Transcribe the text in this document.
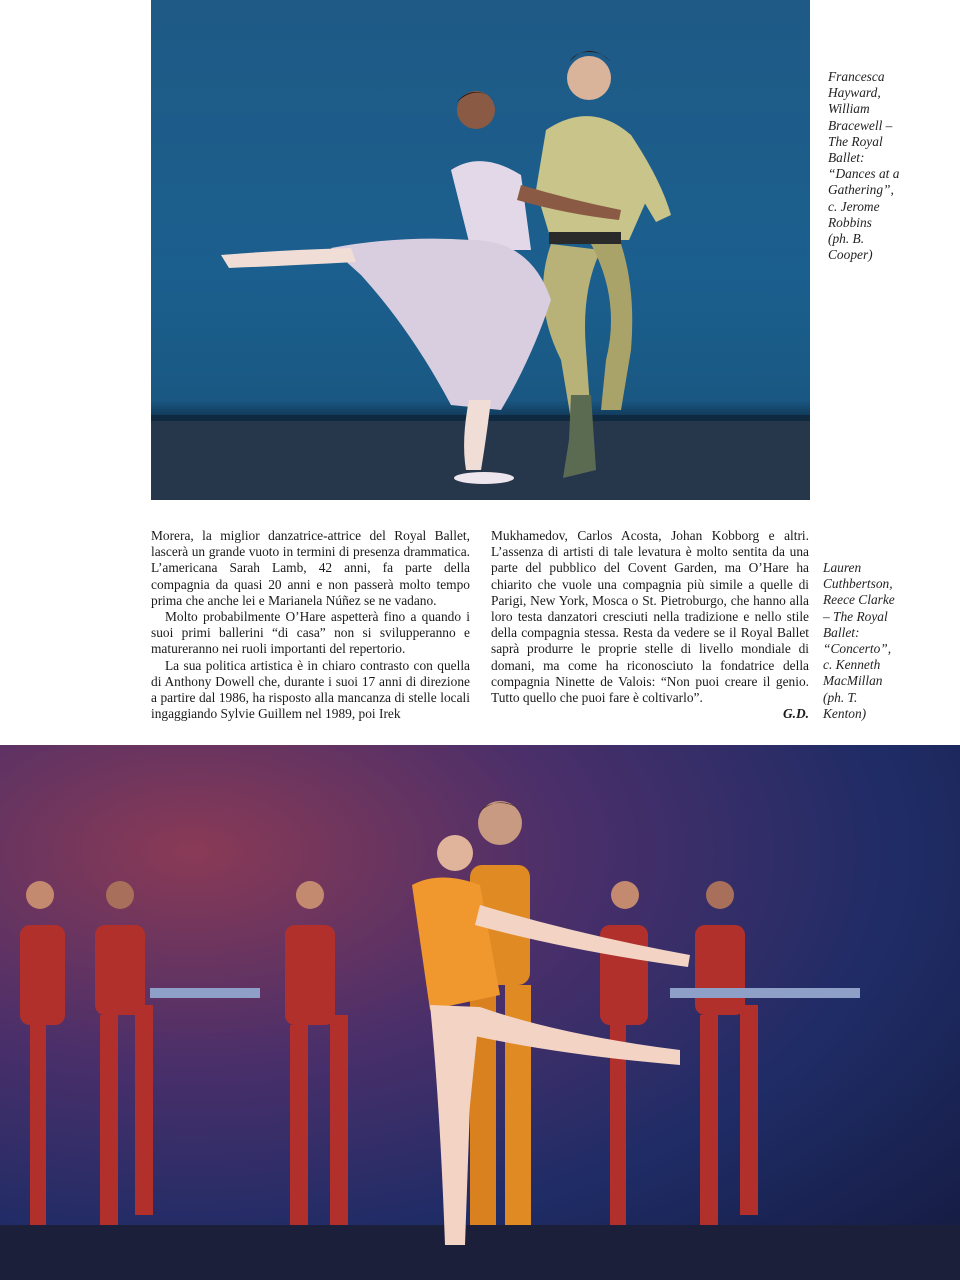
Francesca
Hayward,
William
Bracewell –
The Royal
Ballet:
“Dances at a
Gathering”,
c. Jerome
Robbins
(ph. B.
Cooper)

Morera, la miglior danzatrice-attrice del Royal Ballet, lascerà un grande vuoto in termini di presenza drammatica. L’americana Sarah Lamb, 42 anni, fa parte della compagnia da quasi 20 anni e non passerà molto tempo prima che anche lei e Marianela Núñez se ne vadano.

Molto probabilmente O’Hare aspetterà fino a quando i suoi primi ballerini “di casa” non si svilupperanno e matureranno nei ruoli importanti del repertorio.

La sua politica artistica è in chiaro contrasto con quella di Anthony Dowell che, durante i suoi 17 anni di direzione a partire dal 1986, ha risposto alla mancanza di stelle locali ingaggiando Sylvie Guillem nel 1989, poi Irek

Mukhamedov, Carlos Acosta, Johan Kobborg e altri. L’assenza di artisti di tale levatura è molto sentita da una parte del pubblico del Covent Garden, ma O’Hare ha chiarito che vuole una compagnia più simile a quelle di Parigi, New York, Mosca o St. Pietroburgo, che hanno alla loro testa danzatori cresciuti nella tradizione e nello stile della compagnia stessa. Resta da vedere se il Royal Ballet saprà produrre le proprie stelle di livello mondiale di domani, ma come ha riconosciuto la fondatrice della compagnia Ninette de Valois: “Non puoi creare il genio. Tutto quello che puoi fare è coltivarlo”.

G.D.
Lauren
Cuthbertson,
Reece Clarke
– The Royal
Ballet:
“Concerto”,
c. Kenneth
MacMillan
(ph. T.
Kenton)
